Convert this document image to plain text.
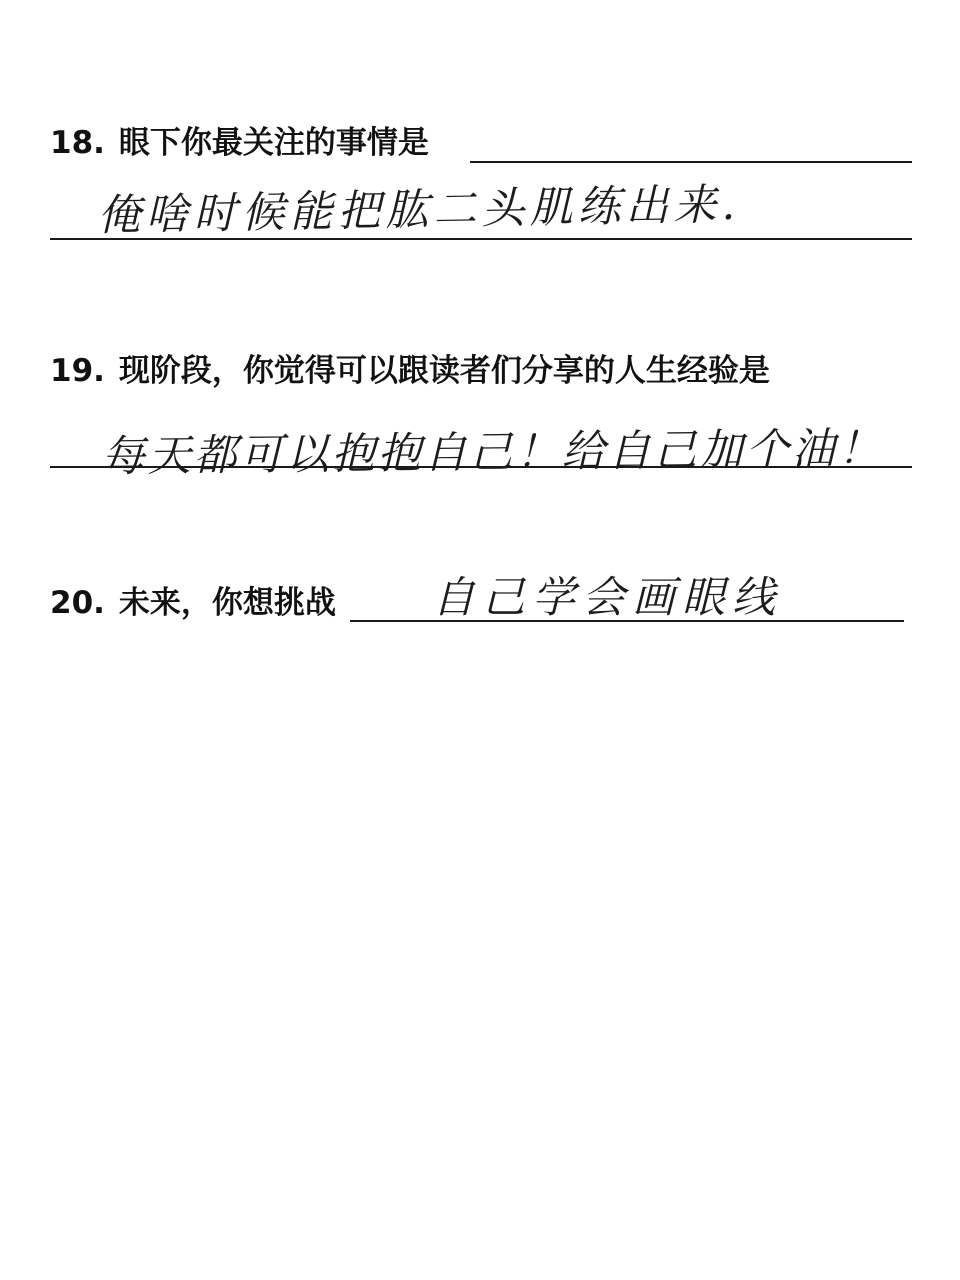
18. 眼下你最关注的事情是
俺啥时候能把肱二头肌练出来.
19. 现阶段，你觉得可以跟读者们分享的人生经验是
每天都可以抱抱自己！给自己加个油！
20. 未来，你想挑战 自己学会画眼线
